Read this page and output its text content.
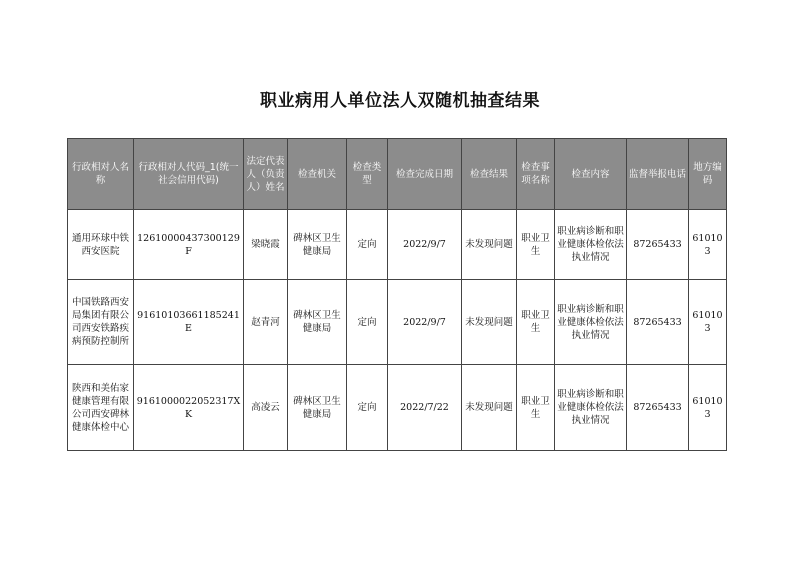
职业病用人单位法人双随机抽查结果
行政相对人名称	行政相对人代码_1(统一社会信用代码)	法定代表人（负责人）姓名	检查机关	检查类型	检查完成日期	检查结果	检查事项名称	检查内容	监督举报电话	地方编码
通用环球中铁西安医院	12610000437300129F	梁晓霞	碑林区卫生健康局	定向	2022/9/7	未发现问题	职业卫生	职业病诊断和职业健康体检依法执业情况	87265433	610103
中国铁路西安局集团有限公司西安铁路疾病预防控制所	91610103661185241E	赵青河	碑林区卫生健康局	定向	2022/9/7	未发现问题	职业卫生	职业病诊断和职业健康体检依法执业情况	87265433	610103
陕西和美佑家健康管理有限公司西安碑林健康体检中心	9161000022052317XK	高凌云	碑林区卫生健康局	定向	2022/7/22	未发现问题	职业卫生	职业病诊断和职业健康体检依法执业情况	87265433	610103
